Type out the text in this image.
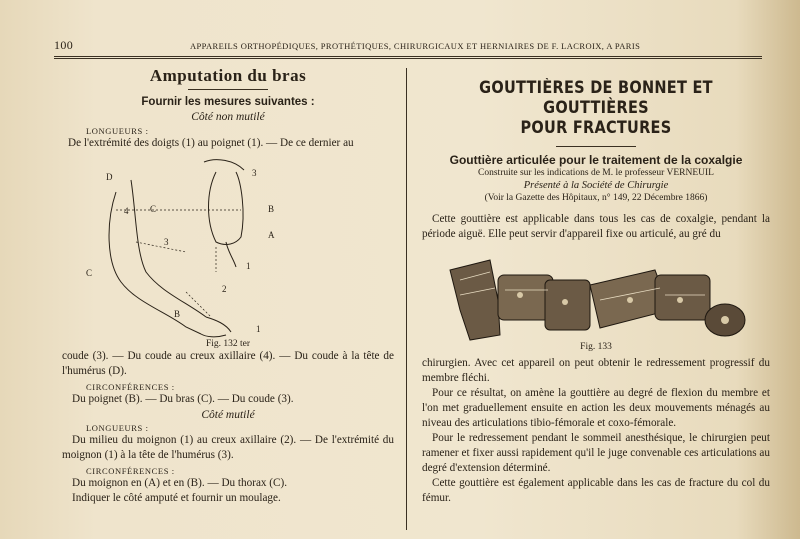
100	APPAREILS ORTHOPÉDIQUES, PROTHÉTIQUES, CHIRURGICAUX ET HERNIAIRES DE F. LACROIX, A PARIS
Amputation du bras
Fournir les mesures suivantes :
Côté non mutilé
LONGUEURS :
De l'extrémité des doigts (1) au poignet (1). — De ce dernier au
Fig. 132 ter
coude (3). — Du coude au creux axillaire (4). — Du coude à la tête de l'humérus (D).
CIRCONFÉRENCES :
Du poignet (B). — Du bras (C). — Du coude (3).
Côté mutilé
LONGUEURS :
Du milieu du moignon (1) au creux axillaire (2). — De l'extrémité du moignon (1) à la tête de l'humérus (3).
CIRCONFÉRENCES :
Du moignon en (A) et en (B). — Du thorax (C).
Indiquer le côté amputé et fournir un moulage.
D	3
4 C	B
A
1
3
2
C
B
1
GOUTTIÈRES DE BONNET ET GOUTTIÈRES
POUR FRACTURES
Gouttière articulée pour le traitement de la coxalgie
Construite sur les indications de M. le professeur VERNEUIL
Présenté à la Société de Chirurgie
(Voir la Gazette des Hôpitaux, n° 149, 22 Décembre 1866)
Cette gouttière est applicable dans tous les cas de coxalgie, pendant la période aiguë. Elle peut servir d'appareil fixe ou articulé, au gré du
Fig. 133
chirurgien. Avec cet appareil on peut obtenir le redressement progressif du membre fléchi.
Pour ce résultat, on amène la gouttière au degré de flexion du membre et l'on met graduellement ensuite en action les deux mouvements ménagés au niveau des articulations tibio-fémorale et coxo-fémorale.
Pour le redressement pendant le sommeil anesthésique, le chirurgien peut ramener et fixer aussi rapidement qu'il le juge convenable ces articulations au degré d'extension déterminé.
Cette gouttière est également applicable dans les cas de fracture du col du fémur.
